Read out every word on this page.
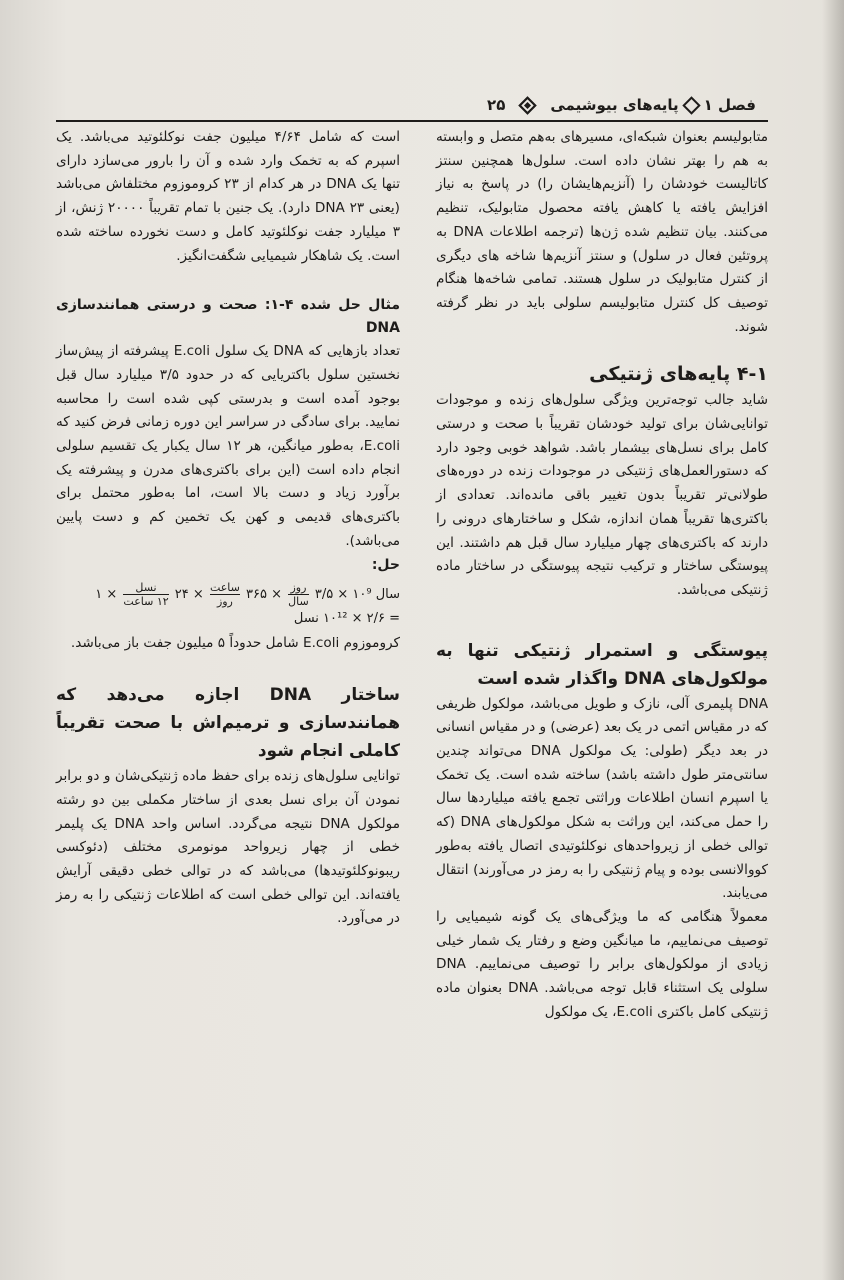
فصل ۱
پایه‌های بیوشیمی
۲۵

متابولیسم بعنوان شبکه‌ای، مسیرهای به‌هم متصل و وابسته به هم را بهتر نشان داده است. سلول‌ها همچنین سنتز کاتالیست خودشان را (آنزیم‌هایشان را) در پاسخ به نیاز افزایش یافته یا کاهش یافته محصول متابولیک، تنظیم می‌کنند. بیان تنظیم شده ژن‌ها (ترجمه اطلاعات DNA به پروتئین فعال در سلول) و سنتز آنزیم‌ها شاخه های دیگری از کنترل متابولیک در سلول هستند. تمامی شاخه‌ها هنگام توصیف کل کنترل متابولیسم سلولی باید در نظر گرفته شوند.

۴-۱ پایه‌های ژنتیکی

شاید جالب توجه‌ترین ویژگی سلول‌های زنده و موجودات توانایی‌شان برای تولید خودشان تقریباً با صحت و درستی کامل برای نسل‌های بیشمار باشد. شواهد خوبی وجود دارد که دستورالعمل‌های ژنتیکی در موجودات زنده در دوره‌های طولانی‌تر تقریباً بدون تغییر باقی مانده‌اند. تعدادی از باکتری‌ها تقریباً همان اندازه، شکل و ساختارهای درونی را دارند که باکتری‌های چهار میلیارد سال قبل هم داشتند. این پیوستگی ساختار و ترکیب نتیجه پیوستگی در ساختار ماده ژنتیکی می‌باشد.

پیوستگی و استمرار ژنتیکی تنها به مولکول‌های DNA واگذار شده است

DNA پلیمری آلی، نازک و طویل می‌باشد، مولکول ظریفی که در مقیاس اتمی در یک بعد (عرضی) و در مقیاس انسانی در بعد دیگر (طولی: یک مولکول DNA می‌تواند چندین سانتی‌متر طول داشته باشد) ساخته شده است. یک تخمک یا اسپرم انسان اطلاعات وراثتی تجمع یافته میلیاردها سال را حمل می‌کند، این وراثت به شکل مولکول‌های DNA (که توالی خطی از زیرواحدهای نوکلئوتیدی اتصال یافته به‌طور کووالانسی بوده و پیام ژنتیکی را به رمز در می‌آورند) انتقال می‌یابند.

معمولاً هنگامی که ما ویژگی‌های یک گونه شیمیایی را توصیف می‌نماییم، ما میانگین وضع و رفتار یک شمار خیلی زیادی از مولکول‌های برابر را توصیف می‌نماییم. DNA سلولی یک استثناء قابل توجه می‌باشد. DNA بعنوان ماده ژنتیکی کامل باکتری E.coli، یک مولکول

است که شامل ۴/۶۴ میلیون جفت نوکلئوتید می‌باشد. یک اسپرم که به تخمک وارد شده و آن را بارور می‌سازد دارای تنها یک DNA در هر کدام از ۲۳ کروموزوم مختلفاش می‌باشد (یعنی ۲۳ DNA دارد). یک جنین با تمام تقریباً ۲۰۰۰۰ ژنش، از ۳ میلیارد جفت نوکلئوتید کامل و دست نخورده ساخته شده است. یک شاهکار شیمیایی شگفت‌انگیز.

مثال حل شده ۴-۱: صحت و درستی همانندسازی DNA

تعداد بازهایی که DNA یک سلول E.coli پیشرفته از پیش‌ساز نخستین سلول باکتریایی که در حدود ۳/۵ میلیارد سال قبل بوجود آمده است و بدرستی کپی شده است را محاسبه نمایید. برای سادگی در سراسر این دوره زمانی فرض کنید که E.coli، به‌طور میانگین، هر ۱۲ سال یکبار یک تقسیم سلولی انجام داده است (این برای باکتری‌های مدرن و پیشرفته یک برآورد زیاد و دست بالا است، اما به‌طور محتمل برای باکتری‌های قدیمی و کهن یک تخمین کم و دست پایین می‌باشد).

حل:
سال ۱۰⁹ × ۳/۵
$\frac{\text{روز}}{\text{سال}}$
× ۳۶۵
$\frac{\text{ساعت}}{\text{روز}}$
× ۲۴
$\frac{\text{نسل}}{\text{۱۲ ساعت}}$
× ۱
= ۲/۶ × ۱۰¹² نسل

کروموزوم E.coli شامل حدوداً ۵ میلیون جفت باز می‌باشد.

ساختار DNA اجازه می‌دهد که همانندسازی و ترمیم‌اش با صحت تقریباً کاملی انجام شود

توانایی سلول‌های زنده برای حفظ ماده ژنتیکی‌شان و دو برابر نمودن آن برای نسل بعدی از ساختار مکملی بین دو رشته مولکول DNA نتیجه می‌گردد. اساس واحد DNA یک پلیمر خطی از چهار زیرواحد مونومری مختلف (دئوکسی ریبونوکلئوتیدها) می‌باشد که در توالی خطی دقیقی آرایش یافته‌اند. این توالی خطی است که اطلاعات ژنتیکی را به رمز در می‌آورد.
